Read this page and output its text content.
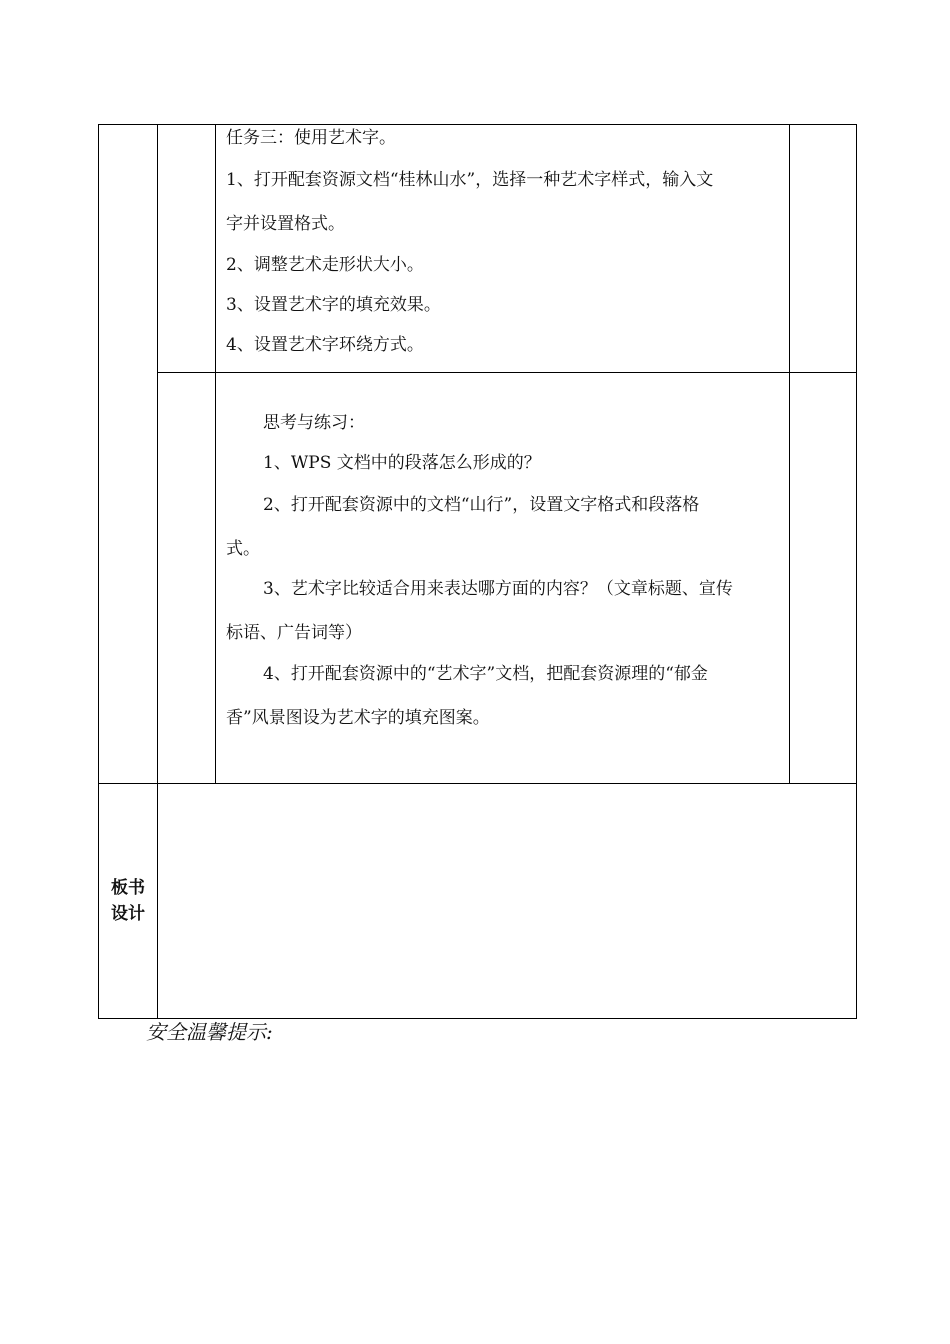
任务三：使用艺术字。
1、打开配套资源文档“桂林山水”，选择一种艺术字样式，输入文
字并设置格式。
2、调整艺术走形状大小。
3、设置艺术字的填充效果。
4、设置艺术字环绕方式。
思考与练习：
1、WPS 文档中的段落怎么形成的？
2、打开配套资源中的文档“山行”，设置文字格式和段落格
式。
3、艺术字比较适合用来表达哪方面的内容？（文章标题、宣传
标语、广告词等）
4、打开配套资源中的“艺术字”文档，把配套资源理的“郁金
香”风景图设为艺术字的填充图案。
板书
设计
安全温馨提示:
